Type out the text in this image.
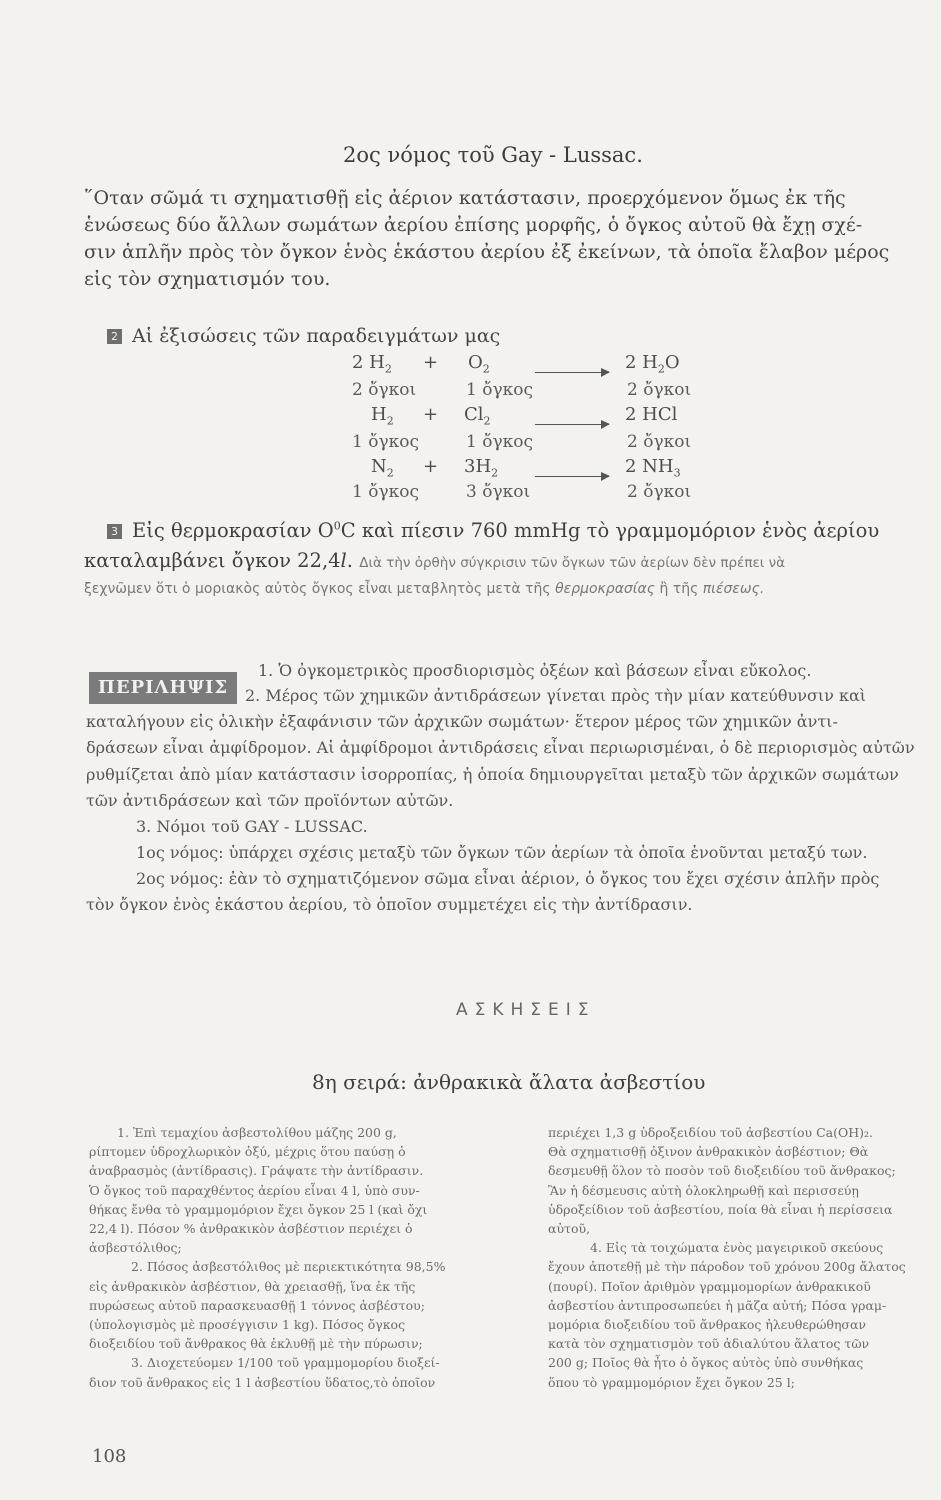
2ος νόμος τοῦ Gay - Lussac.
῞Οταν σῶμά τι σχηματισθῇ εἰς ἀέριον κατάστασιν, προερχόμενον ὅμως ἐκ τῆς
ἑνώσεως δύο ἄλλων σωμάτων ἀερίου ἐπίσης μορφῆς, ὁ ὄγκος αὐτοῦ θὰ ἔχῃ σχέ-
σιν ἁπλῆν πρὸς τὸν ὄγκον ἑνὸς ἑκάστου ἀερίου ἐξ ἐκείνων, τὰ ὁποῖα ἔλαβον μέρος
εἰς τὸν σχηματισμόν του.
2 Αἱ ἐξισώσεις τῶν παραδειγμάτων μας
2 $H_2 + O_2$	2 $H_2O$
2 ὄγκοι	1 ὄγκος	2 ὄγκοι
$H_2 + Cl_2$	2 HCl
1 ὄγκος	1 ὄγκος	2 ὄγκοι
$N_2 + 3H_2$	2 $NH_3$
1 ὄγκος	3 ὄγκοι	2 ὄγκοι
3 Εἰς θερμοκρασίαν $O^0C$ καὶ πίεσιν 760 mmHg τὸ γραμμομόριον ἑνὸς ἀερίου
καταλαμβάνει ὄγκον 22,4l. Διὰ τὴν ὀρθὴν σύγκρισιν τῶν ὄγκων τῶν ἀερίων δὲν πρέπει νὰ
ξεχνῶμεν ὅτι ὁ μοριακὸς αὐτὸς ὄγκος εἶναι μεταβλητὸς μετὰ τῆς θερμοκρασίας ἢ τῆς πιέσεως.
ΠΕΡΙΛΗΨΙΣ
1. Ὁ ὀγκομετρικὸς προσδιορισμὸς ὀξέων καὶ βάσεων εἶναι εὔκολος.
2. Μέρος τῶν χημικῶν ἀντιδράσεων γίνεται πρὸς τὴν μίαν κατεύθυνσιν καὶ
καταλήγουν εἰς ὁλικὴν ἐξαφάνισιν τῶν ἀρχικῶν σωμάτων· ἕτερον μέρος τῶν χημικῶν ἀντι-
δράσεων εἶναι ἀμφίδρομον. Αἱ ἀμφίδρομοι ἀντιδράσεις εἶναι περιωρισμέναι, ὁ δὲ περιορισμὸς αὐτῶν
ρυθμίζεται ἀπὸ μίαν κατάστασιν ἰσορροπίας, ἡ ὁποία δημιουργεῖται μεταξὺ τῶν ἀρχικῶν σωμάτων
τῶν ἀντιδράσεων καὶ τῶν προϊόντων αὐτῶν.
3. Νόμοι τοῦ GAY - LUSSAC.
1ος νόμος: ὑπάρχει σχέσις μεταξὺ τῶν ὄγκων τῶν ἀερίων τὰ ὁποῖα ἑνοῦνται μεταξύ των.
2ος νόμος: ἐὰν τὸ σχηματιζόμενον σῶμα εἶναι ἀέριον, ὁ ὄγκος του ἔχει σχέσιν ἁπλῆν πρὸς
τὸν ὄγκον ἑνὸς ἑκάστου ἀερίου, τὸ ὁποῖον συμμετέχει εἰς τὴν ἀντίδρασιν.
ΑΣΚΗΣΕΙΣ
8η σειρά: ἀνθρακικὰ ἄλατα ἀσβεστίου
1. Ἐπὶ τεμαχίου ἀσβεστολίθου μάζης 200 g,
ρίπτομεν ὑδροχλωρικὸν ὀξύ, μέχρις ὅτου παύσῃ ὁ
ἀναβρασμὸς (ἀντίδρασις). Γράψατε τὴν ἀντίδρασιν.
Ὁ ὄγκος τοῦ παραχθέντος ἀερίου εἶναι 4 l, ὑπὸ συν-
θήκας ἔνθα τὸ γραμμομόριον ἔχει ὄγκον 25 l (καὶ ὄχι
22,4 l). Πόσον % ἀνθρακικὸν ἀσβέστιον περιέχει ὁ
ἀσβεστόλιθος;
2. Πόσος ἀσβεστόλιθος μὲ περιεκτικότητα 98,5%
εἰς ἀνθρακικὸν ἀσβέστιον, θὰ χρειασθῇ, ἵνα ἐκ τῆς
πυρώσεως αὐτοῦ παρασκευασθῇ 1 τόννος ἀσβέστου;
(ὑπολογισμὸς μὲ προσέγγισιν 1 kg). Πόσος ὄγκος
διοξειδίου τοῦ ἄνθρακος θὰ ἐκλυθῇ μὲ τὴν πύρωσιν;
3. Διοχετεύομεν 1/100 τοῦ γραμμομορίου διοξεί-
διον τοῦ ἄνθρακος εἰς 1 l ἀσβεστίου ὕδατος,τὸ ὁποῖον
περιέχει 1,3 g ὑδροξειδίου τοῦ ἀσβεστίου Ca(OH)₂.
Θὰ σχηματισθῇ ὀξινον ἀνθρακικὸν ἀσβέστιον; Θὰ
δεσμευθῇ ὅλον τὸ ποσὸν τοῦ διοξειδίου τοῦ ἄνθρακος;
Ἂν ἡ δέσμευσις αὐτὴ ὁλοκληρωθῇ καὶ περισσεύῃ
ὑδροξείδιον τοῦ ἀσβεστίου, ποία θὰ εἶναι ἡ περίσσεια
αὐτοῦ,
4. Εἰς τὰ τοιχώματα ἑνὸς μαγειρικοῦ σκεύους
ἔχουν ἀποτεθῇ μὲ τὴν πάροδον τοῦ χρόνου 200g ἄλατος
(πουρί). Ποῖον ἀριθμὸν γραμμομορίων ἀνθρακικοῦ
ἀσβεστίου ἀντιπροσωπεύει ἡ μᾶζα αὐτή; Πόσα γραμ-
μομόρια διοξειδίου τοῦ ἄνθρακος ἠλευθερώθησαν
κατὰ τὸν σχηματισμὸν τοῦ ἀδιαλύτου ἅλατος τῶν
200 g; Ποῖος θὰ ἦτο ὁ ὄγκος αὐτὸς ὑπὸ συνθήκας
ὅπου τὸ γραμμομόριον ἔχει ὄγκον 25 l;
108
